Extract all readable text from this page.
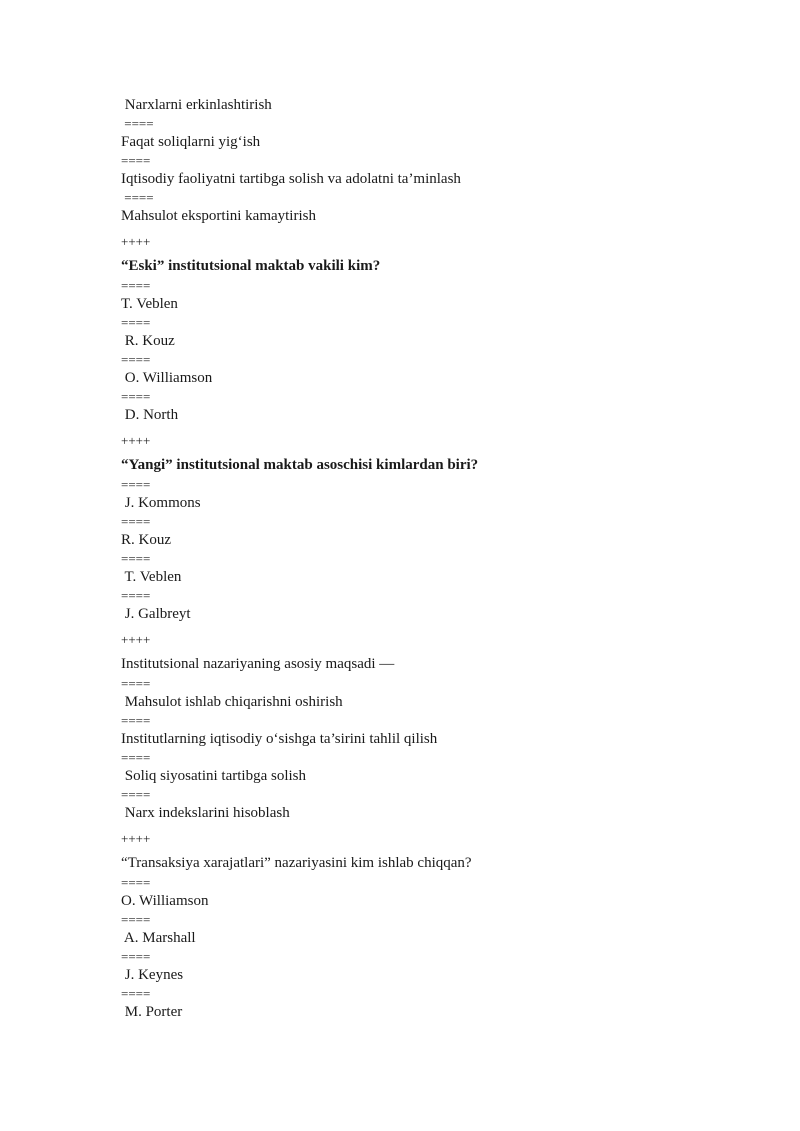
Narxlarni erkinlashtirish
====
Faqat soliqlarni yig‘ish
====
Iqtisodiy faoliyatni tartibga solish va adolatni ta’minlash
====
Mahsulot eksportini kamaytirish
++++
“Eski” institutsional maktab vakili kim?
====
T. Veblen
====
R. Kouz
====
O. Williamson
====
D. North
++++
“Yangi” institutsional maktab asoschisi kimlardan biri?
====
J. Kommons
====
R. Kouz
====
T. Veblen
====
J. Galbreyt
++++
Institutsional nazariyaning asosiy maqsadi —
====
Mahsulot ishlab chiqarishni oshirish
====
Institutlarning iqtisodiy o‘sishga ta’sirini tahlil qilish
====
Soliq siyosatini tartibga solish
====
Narx indekslarini hisoblash
++++
“Transaksiya xarajatlari” nazariyasini kim ishlab chiqqan?
====
O. Williamson
====
A. Marshall
====
J. Keynes
====
M. Porter
